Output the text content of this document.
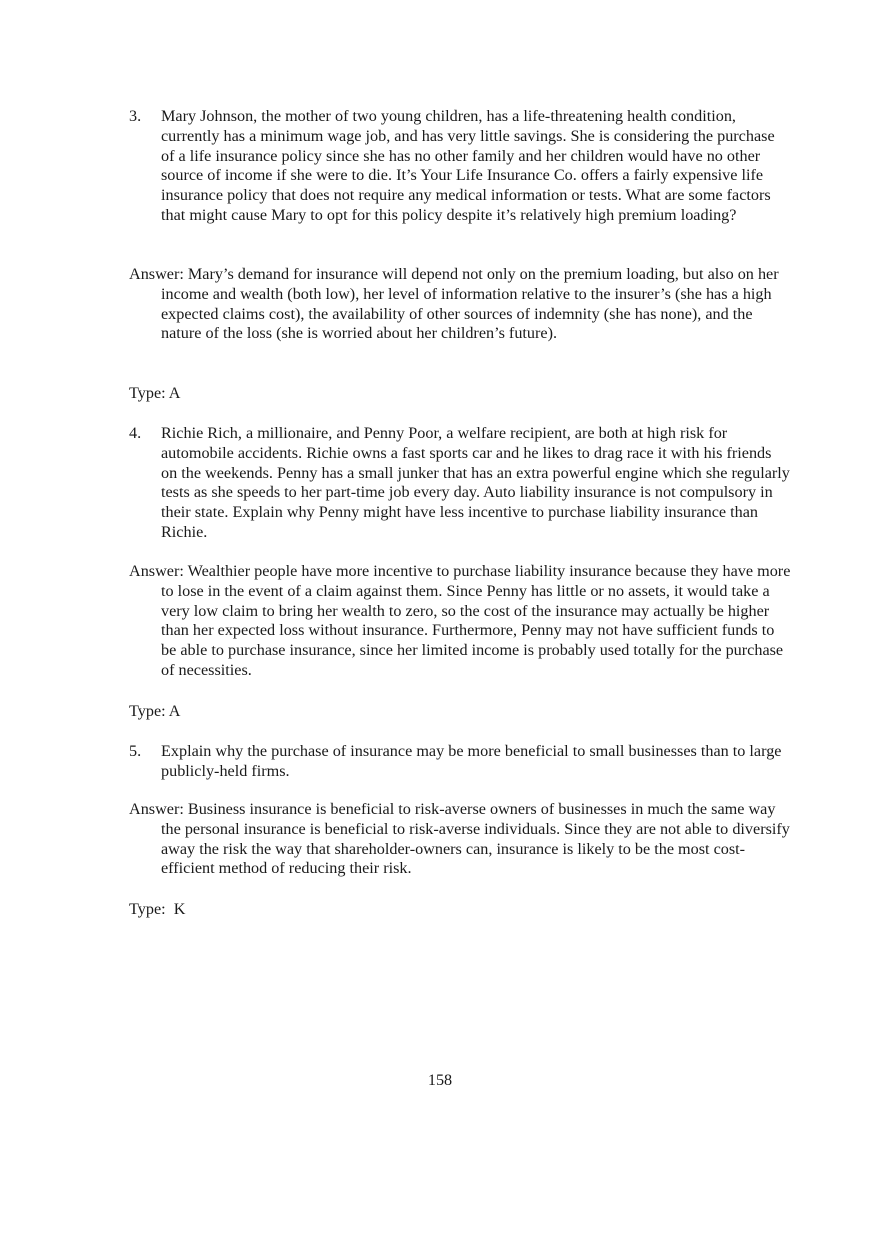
3. Mary Johnson, the mother of two young children, has a life-threatening health condition, currently has a minimum wage job, and has very little savings. She is considering the purchase of a life insurance policy since she has no other family and her children would have no other source of income if she were to die. It’s Your Life Insurance Co. offers a fairly expensive life insurance policy that does not require any medical information or tests. What are some factors that might cause Mary to opt for this policy despite it’s relatively high premium loading?
Answer: Mary’s demand for insurance will depend not only on the premium loading, but also on her income and wealth (both low), her level of information relative to the insurer’s (she has a high expected claims cost), the availability of other sources of indemnity (she has none), and the nature of the loss (she is worried about her children’s future).
Type: A
4. Richie Rich, a millionaire, and Penny Poor, a welfare recipient, are both at high risk for automobile accidents. Richie owns a fast sports car and he likes to drag race it with his friends on the weekends. Penny has a small junker that has an extra powerful engine which she regularly tests as she speeds to her part-time job every day. Auto liability insurance is not compulsory in their state. Explain why Penny might have less incentive to purchase liability insurance than Richie.
Answer: Wealthier people have more incentive to purchase liability insurance because they have more to lose in the event of a claim against them. Since Penny has little or no assets, it would take a very low claim to bring her wealth to zero, so the cost of the insurance may actually be higher than her expected loss without insurance. Furthermore, Penny may not have sufficient funds to be able to purchase insurance, since her limited income is probably used totally for the purchase of necessities.
Type: A
5. Explain why the purchase of insurance may be more beneficial to small businesses than to large publicly-held firms.
Answer: Business insurance is beneficial to risk-averse owners of businesses in much the same way the personal insurance is beneficial to risk-averse individuals. Since they are not able to diversify away the risk the way that shareholder-owners can, insurance is likely to be the most cost-efficient method of reducing their risk.
Type:  K
158
